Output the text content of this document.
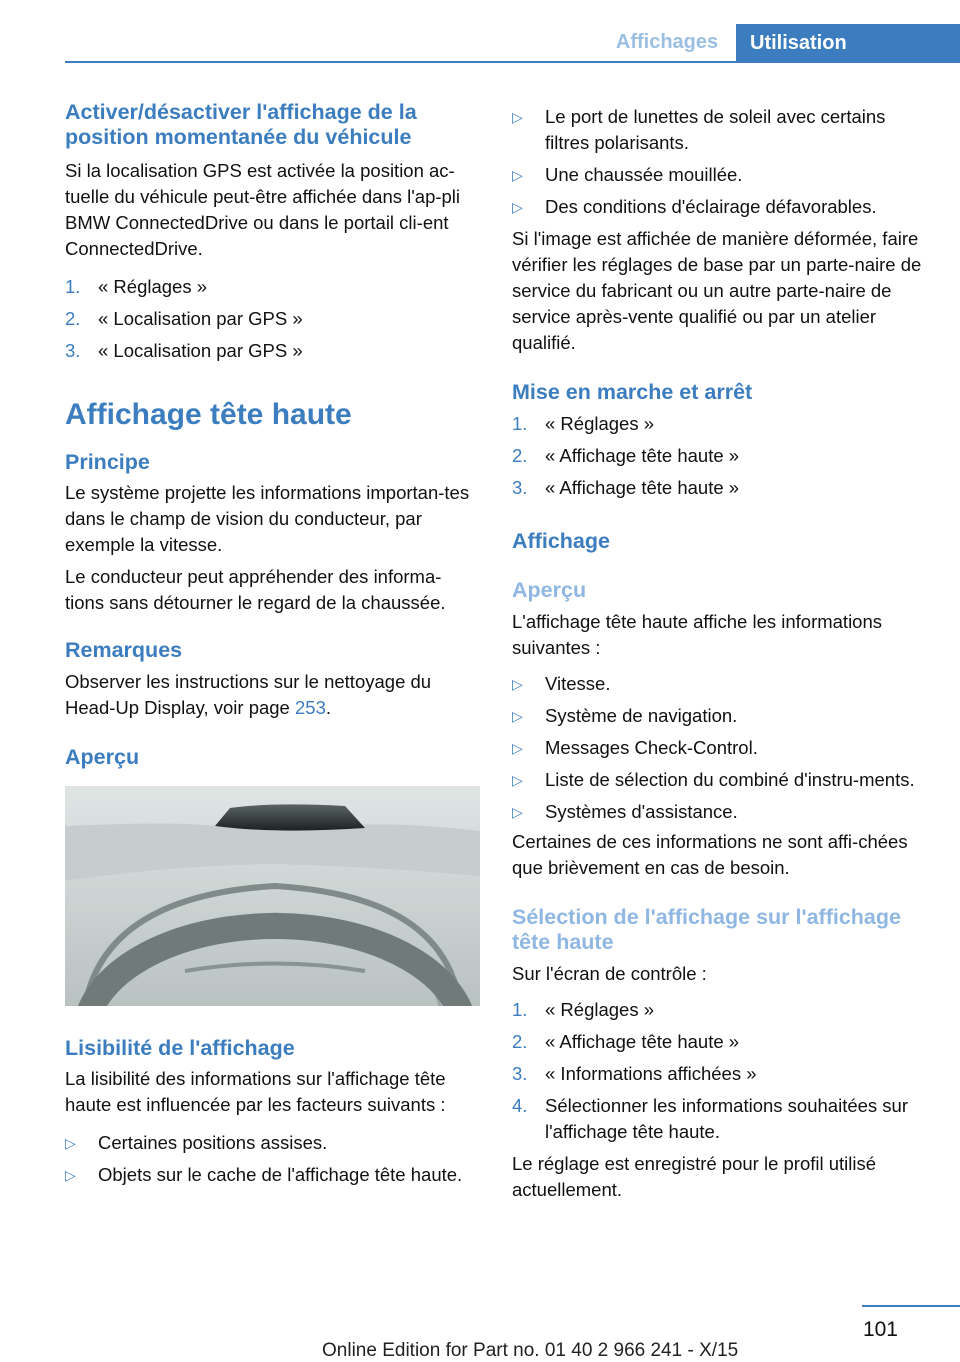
Affichages	Utilisation
Activer/désactiver l'affichage de la position momentanée du véhicule

Si la localisation GPS est activée la position ac‐tuelle du véhicule peut-être affichée dans l'ap‐pli BMW ConnectedDrive ou dans le portail cli‐ent ConnectedDrive.

1. « Réglages »
2. « Localisation par GPS »
3. « Localisation par GPS »
Affichage tête haute
Principe

Le système projette les informations importan‐tes dans le champ de vision du conducteur, par exemple la vitesse.

Le conducteur peut appréhender des informa‐tions sans détourner le regard de la chaussée.

Remarques

Observer les instructions sur le nettoyage du Head-Up Display, voir page 253.

Aperçu
Lisibilité de l'affichage

La lisibilité des informations sur l'affichage tête haute est influencée par les facteurs suivants :

▷	Certaines positions assises.
▷	Objets sur le cache de l'affichage tête haute.
▷	Le port de lunettes de soleil avec certains filtres polarisants.
▷	Une chaussée mouillée.
▷	Des conditions d'éclairage défavorables.

Si l'image est affichée de manière déformée, faire vérifier les réglages de base par un parte‐naire de service du fabricant ou un autre parte‐naire de service après-vente qualifié ou par un atelier qualifié.

Mise en marche et arrêt
1. « Réglages »
2. « Affichage tête haute »
3. « Affichage tête haute »
Affichage
Aperçu

L'affichage tête haute affiche les informations suivantes :

▷	Vitesse.
▷	Système de navigation.
▷	Messages Check-Control.
▷	Liste de sélection du combiné d'instru‐ments.
▷	Systèmes d'assistance.

Certaines de ces informations ne sont affi‐chées que brièvement en cas de besoin.

Sélection de l'affichage sur l'affichage tête haute

Sur l'écran de contrôle :

1. « Réglages »
2. « Affichage tête haute »
3. « Informations affichées »
4. Sélectionner les informations souhaitées sur l'affichage tête haute.

Le réglage est enregistré pour le profil utilisé actuellement.

101
Online Edition for Part no. 01 40 2 966 241 - X/15
